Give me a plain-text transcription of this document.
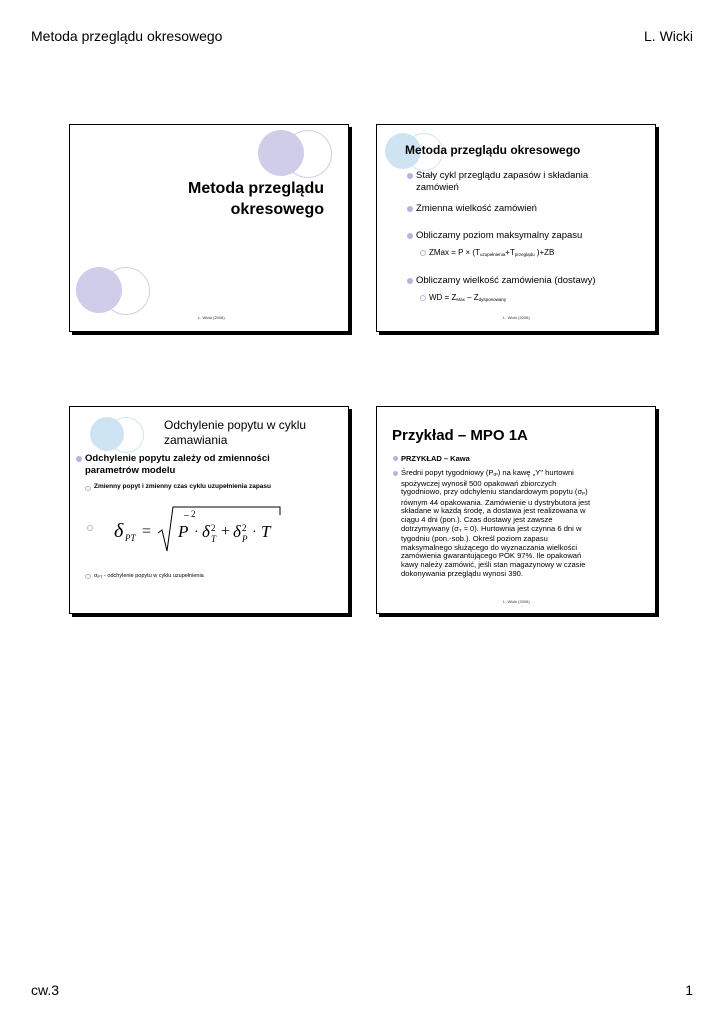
Metoda przeglądu okresowego	L. Wicki
Metoda przeglądu
okresowego
L. Wicki (2008)
Metoda przeglądu okresowego
Stały cykl przeglądu zapasów i składania
zamówień
Zmienna wielkość zamówień
Obliczamy poziom maksymalny zapasu
ZMax = $P \times (T_{uzupełnienia}+T_{przeglądu}$ )+ZB
Obliczamy wielkość zamówienia (dostawy)
WD = $Z_{Max} - Z_{dysponowany}$
L. Wicki (2008)
Odchylenie popytu w cyklu
zamawiania
Odchylenie popytu zależy od zmienności
parametrów modelu
Zmienny popyt i zmienny czas cyklu uzupełnienia zapasu
δ PT =
– 2
P · δ 2
T + δ 2
P · T
$\sigma_{PT}$ - odchylenie popytu w cyklu uzupełnienia
Przykład – MPO 1A
PRZYKŁAD – Kawa
Średni popyt tygodniowy $(P_{tP})$ na kawę „Y" hurtowni
spożywczej wynosił 500 opakowań zbiorczych
tygodniowo, przy odchyleniu standardowym popytu $(\sigma_P)$
równym 44 opakowania. Zamówienie u dystrybutora jest
składane w każdą środę, a dostawa jest realizowana w
ciągu 4 dni (pon.). Czas dostawy jest zawsze
dotrzymywany $(\sigma_T \approx 0)$. Hurtownia jest czynna 6 dni w
tygodniu (pon.-sob.). Określ poziom zapasu
maksymalnego służącego do wyznaczania wielkości
zamówienia gwarantującego POK 97%. Ile opakowań
kawy należy zamówić, jeśli stan magazynowy w czasie
dokonywania przeglądu wynosi 390.
L. Wicki (2008)
cw.3	1
